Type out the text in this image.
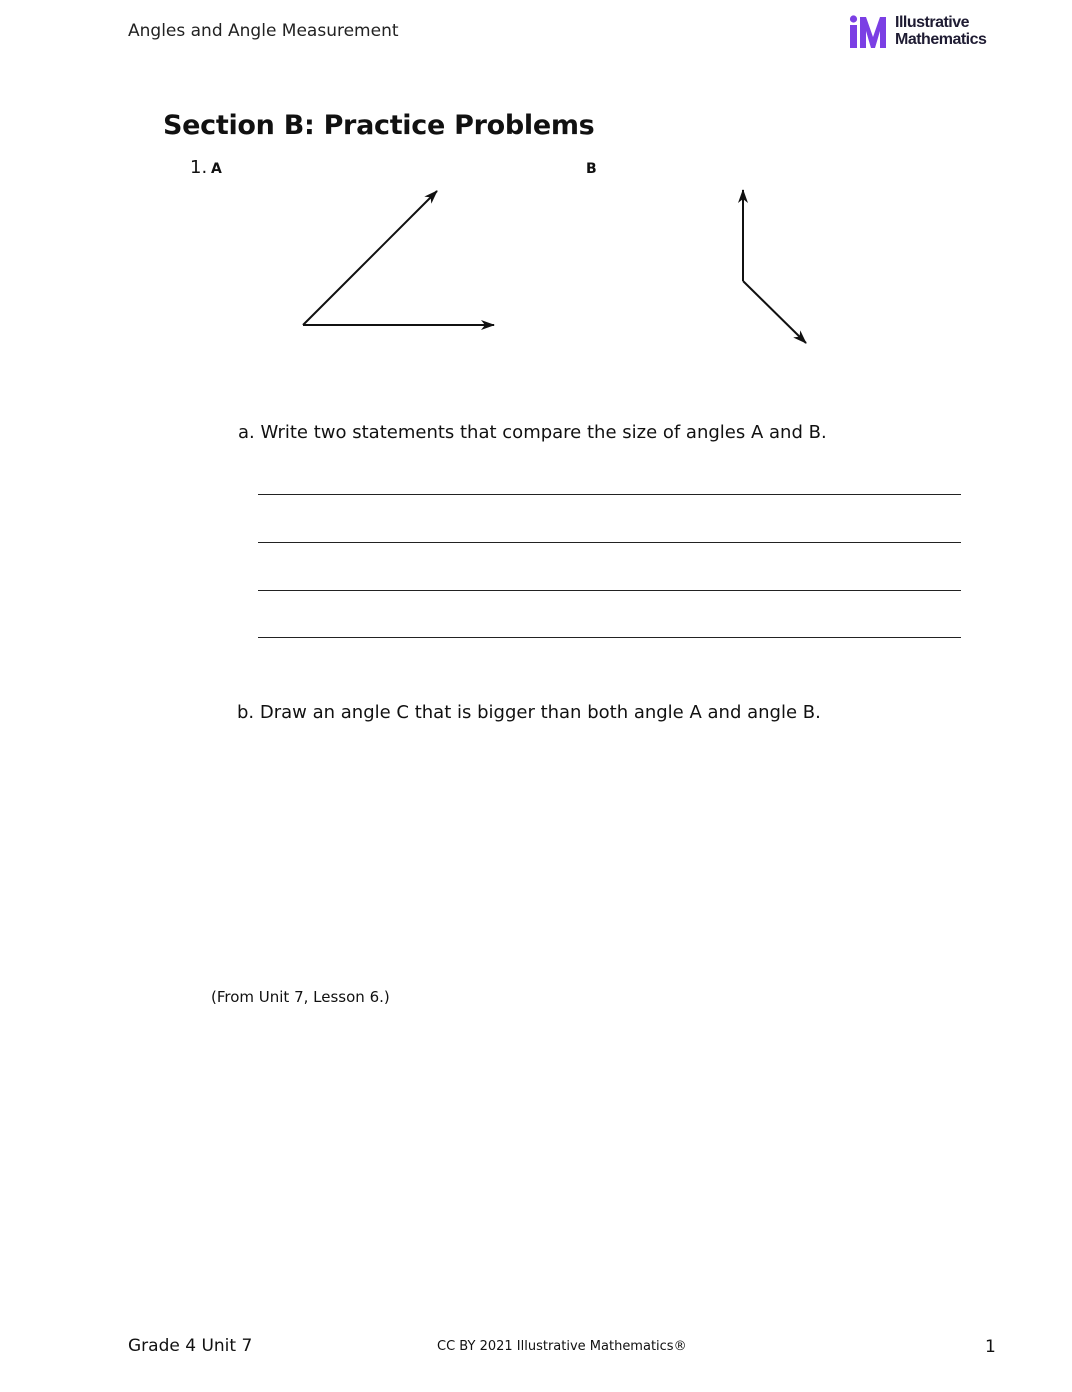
Angles and Angle Measurement	Illustrative
Mathematics
Section B: Practice Problems
1. A	B
a. Write two statements that compare the size of angles A and B.
b. Draw an angle C that is bigger than both angle A and angle B.
(From Unit 7, Lesson 6.)
Grade 4 Unit 7	CC BY 2021 Illustrative Mathematics®	1
